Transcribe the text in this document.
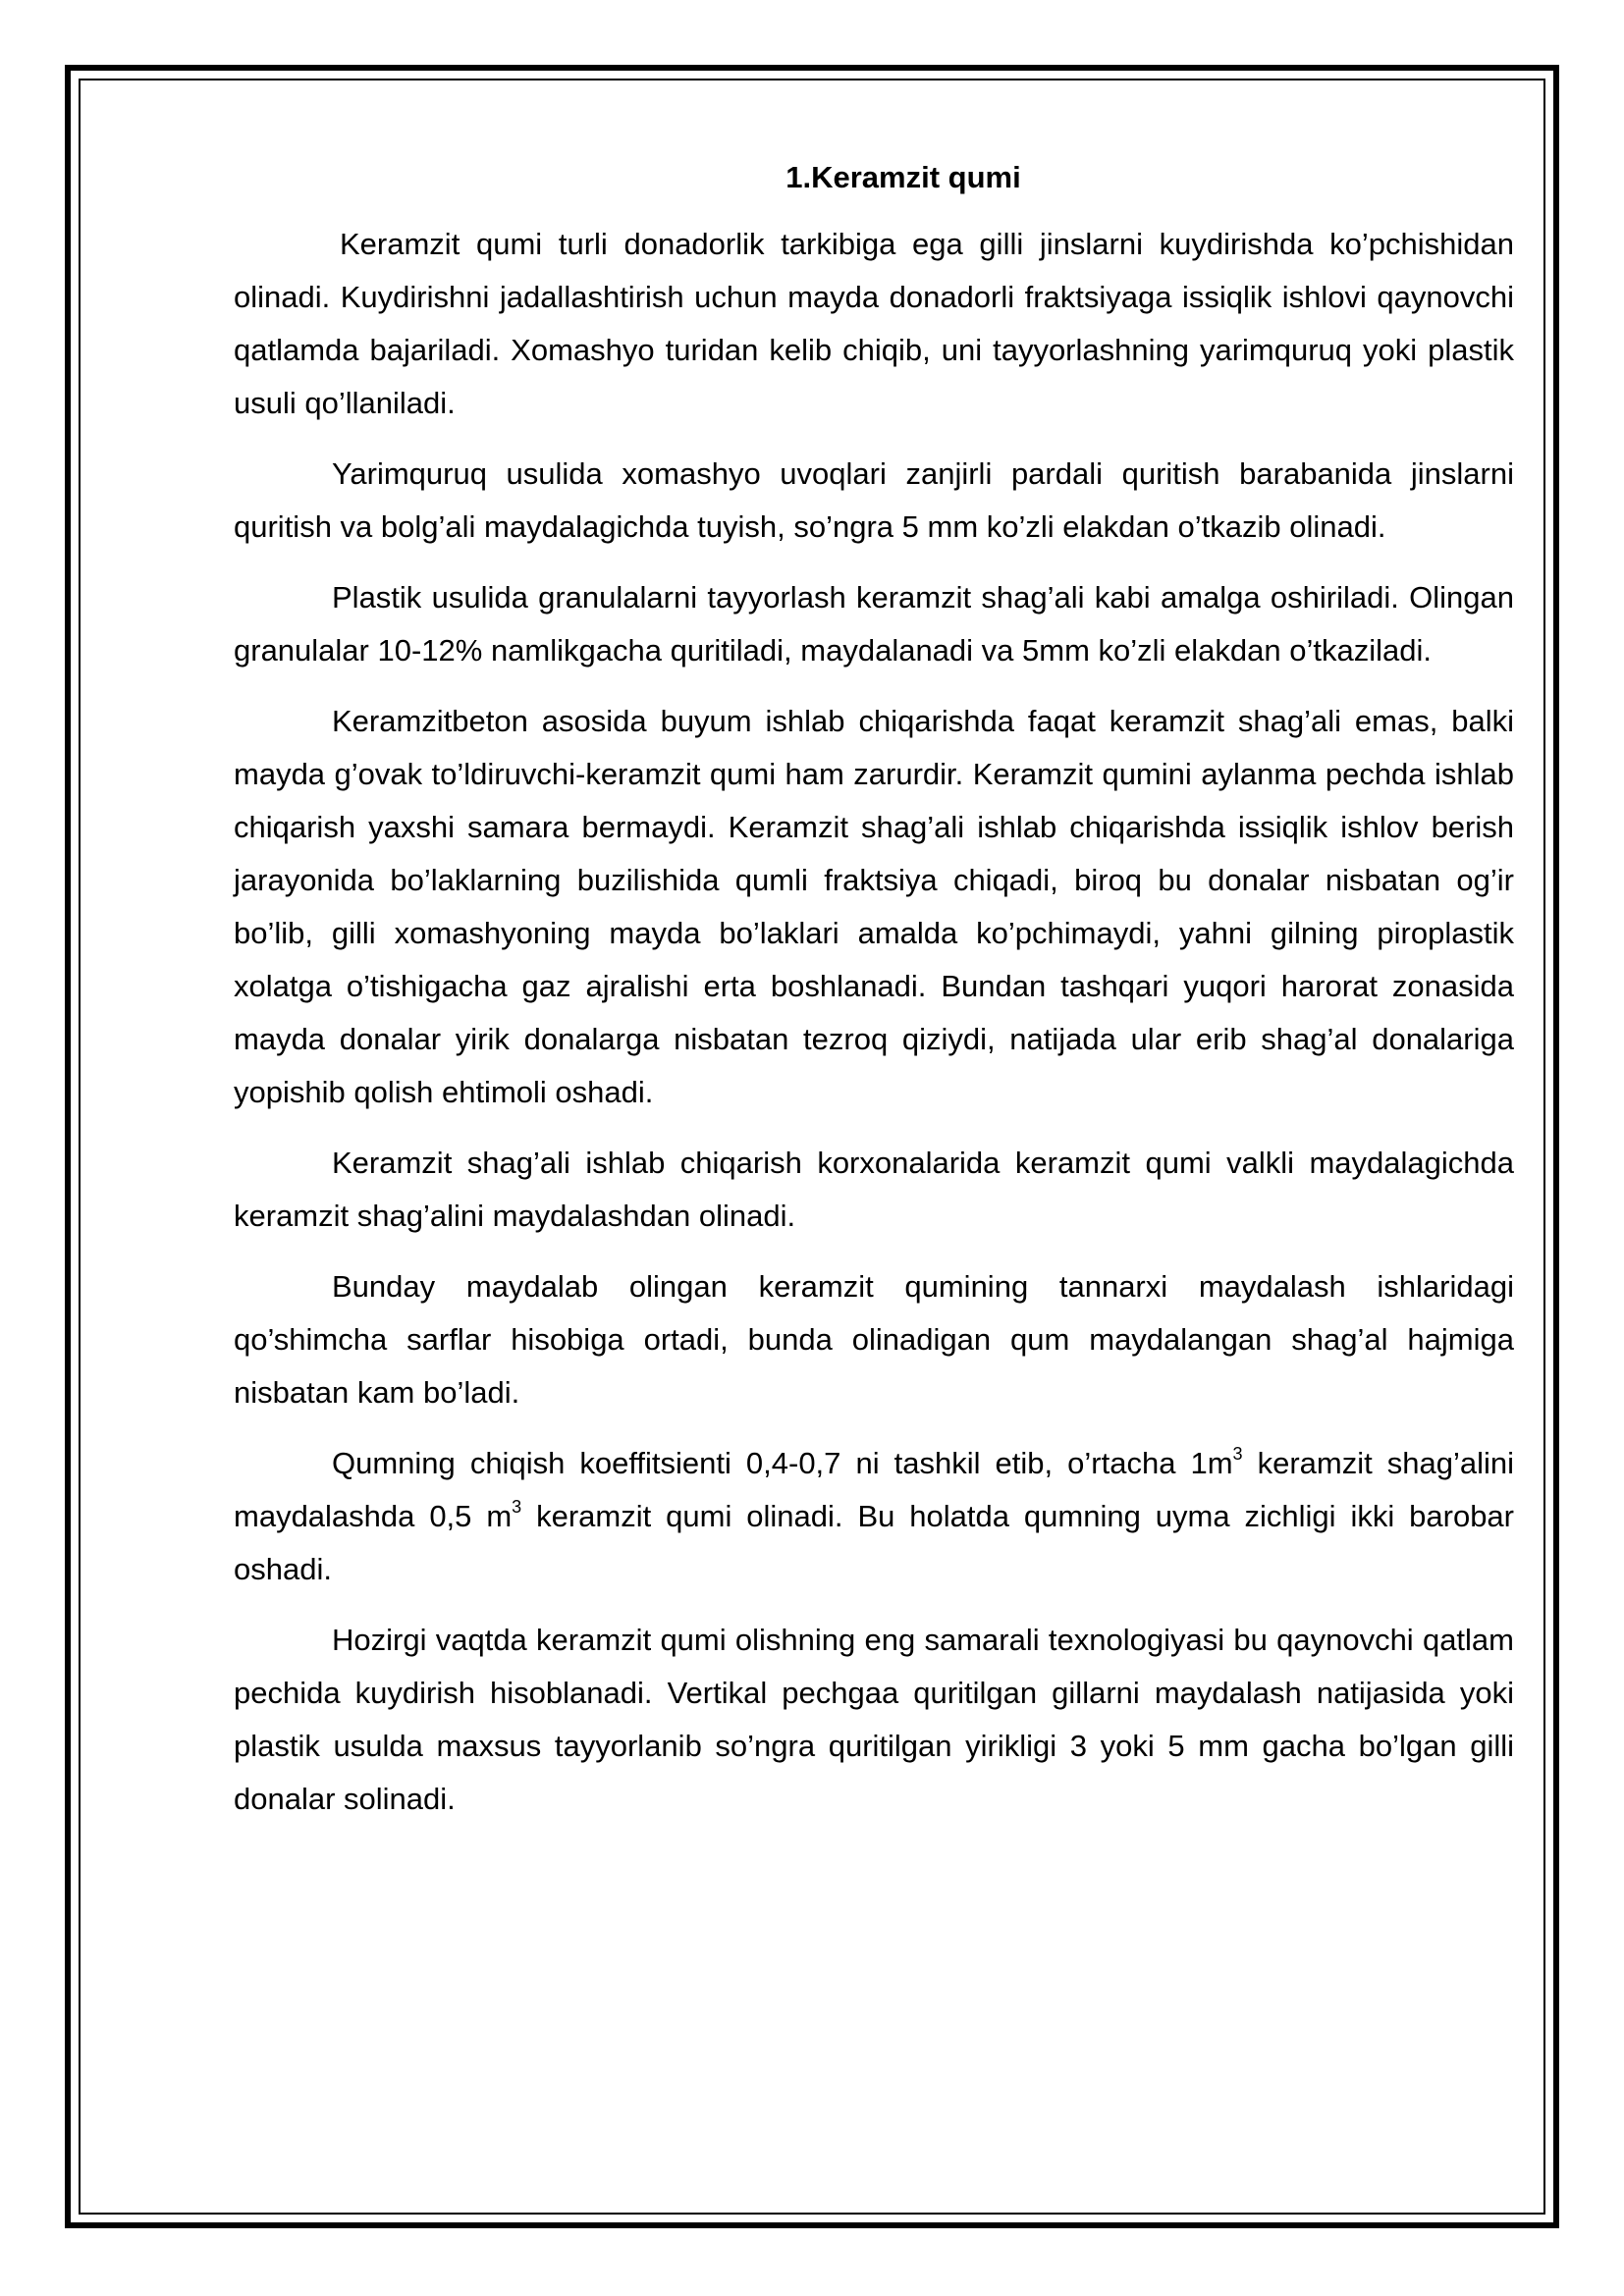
1.Keramzit qumi

Keramzit qumi turli donadorlik tarkibiga ega gilli jinslarni kuydirishda ko’pchishidan olinadi. Kuydirishni jadallashtirish uchun mayda donadorli fraktsiyaga issiqlik ishlovi qaynovchi qatlamda bajariladi. Xomashyo turidan kelib chiqib, uni tayyorlashning yarimquruq yoki plastik usuli qo’llaniladi.

Yarimquruq usulida xomashyo uvoqlari zanjirli pardali quritish barabanida jinslarni quritish va bolg’ali maydalagichda tuyish, so’ngra 5 mm ko’zli elakdan o’tkazib olinadi.

Plastik usulida granulalarni tayyorlash keramzit shag’ali kabi amalga oshiriladi. Olingan granulalar 10-12% namlikgacha quritiladi, maydalanadi va 5mm ko’zli elakdan o’tkaziladi.

Keramzitbeton asosida buyum ishlab chiqarishda faqat keramzit shag’ali emas, balki mayda g’ovak to’ldiruvchi-keramzit qumi ham zarurdir. Keramzit qumini aylanma pechda ishlab chiqarish yaxshi samara bermaydi. Keramzit shag’ali ishlab chiqarishda issiqlik ishlov berish jarayonida bo’laklarning buzilishida qumli fraktsiya chiqadi, biroq bu donalar nisbatan og’ir bo’lib, gilli xomashyoning mayda bo’laklari amalda ko’pchimaydi, yahni gilning piroplastik xolatga o’tishigacha gaz ajralishi erta boshlanadi. Bundan tashqari yuqori harorat zonasida mayda donalar yirik donalarga nisbatan tezroq qiziydi, natijada ular erib shag’al donalariga yopishib qolish ehtimoli oshadi.

Keramzit shag’ali ishlab chiqarish korxonalarida keramzit qumi valkli maydalagichda keramzit shag’alini maydalashdan olinadi.

Bunday maydalab olingan keramzit qumining tannarxi maydalash ishlaridagi qo’shimcha sarflar hisobiga ortadi, bunda olinadigan qum maydalangan shag’al hajmiga nisbatan kam bo’ladi.

Qumning chiqish koeffitsienti 0,4-0,7 ni tashkil etib, o’rtacha $1m^3$ keramzit shag’alini maydalashda 0,5 $m^3$ keramzit qumi olinadi. Bu holatda qumning uyma zichligi ikki barobar oshadi.

Hozirgi vaqtda keramzit qumi olishning eng samarali texnologiyasi bu qaynovchi qatlam pechida kuydirish hisoblanadi. Vertikal pechgaa quritilgan gillarni maydalash natijasida yoki plastik usulda maxsus tayyorlanib so’ngra quritilgan yirikligi 3 yoki 5 mm gacha bo’lgan gilli donalar solinadi.
